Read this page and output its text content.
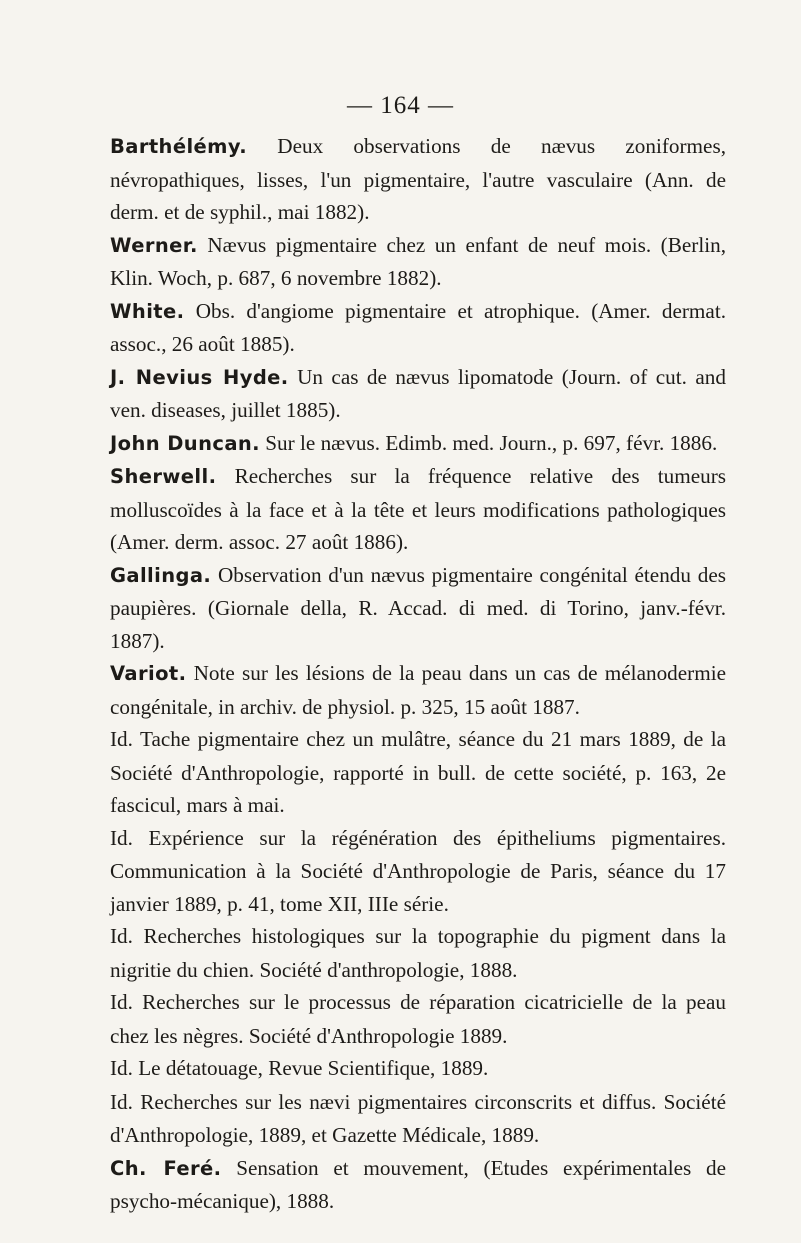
— 164 —

Barthélémy. Deux observations de nævus zoniformes, névropathiques, lisses, l'un pigmentaire, l'autre vasculaire (Ann. de derm. et de syphil., mai 1882).

Werner. Nævus pigmentaire chez un enfant de neuf mois. (Berlin, Klin. Woch, p. 687, 6 novembre 1882).

White. Obs. d'angiome pigmentaire et atrophique. (Amer. dermat. assoc., 26 août 1885).

J. Nevius Hyde. Un cas de nævus lipomatode (Journ. of cut. and ven. diseases, juillet 1885).

John Duncan. Sur le nævus. Edimb. med. Journ., p. 697, févr. 1886.

Sherwell. Recherches sur la fréquence relative des tumeurs molluscoïdes à la face et à la tête et leurs modifications pathologiques (Amer. derm. assoc. 27 août 1886).

Gallinga. Observation d'un nævus pigmentaire congénital étendu des paupières. (Giornale della, R. Accad. di med. di Torino, janv.-févr. 1887).

Variot. Note sur les lésions de la peau dans un cas de mélanodermie congénitale, in archiv. de physiol. p. 325, 15 août 1887.

Id. Tache pigmentaire chez un mulâtre, séance du 21 mars 1889, de la Société d'Anthropologie, rapporté in bull. de cette société, p. 163, 2e fascicul, mars à mai.

Id. Expérience sur la régénération des épitheliums pigmentaires. Communication à la Société d'Anthropologie de Paris, séance du 17 janvier 1889, p. 41, tome XII, IIIe série.

Id. Recherches histologiques sur la topographie du pigment dans la nigritie du chien. Société d'anthropologie, 1888.

Id. Recherches sur le processus de réparation cicatricielle de la peau chez les nègres. Société d'Anthropologie 1889.

Id. Le détatouage, Revue Scientifique, 1889.

Id. Recherches sur les nævi pigmentaires circonscrits et diffus. Société d'Anthropologie, 1889, et Gazette Médicale, 1889.

Ch. Feré. Sensation et mouvement, (Etudes expérimentales de psycho-mécanique), 1888.
